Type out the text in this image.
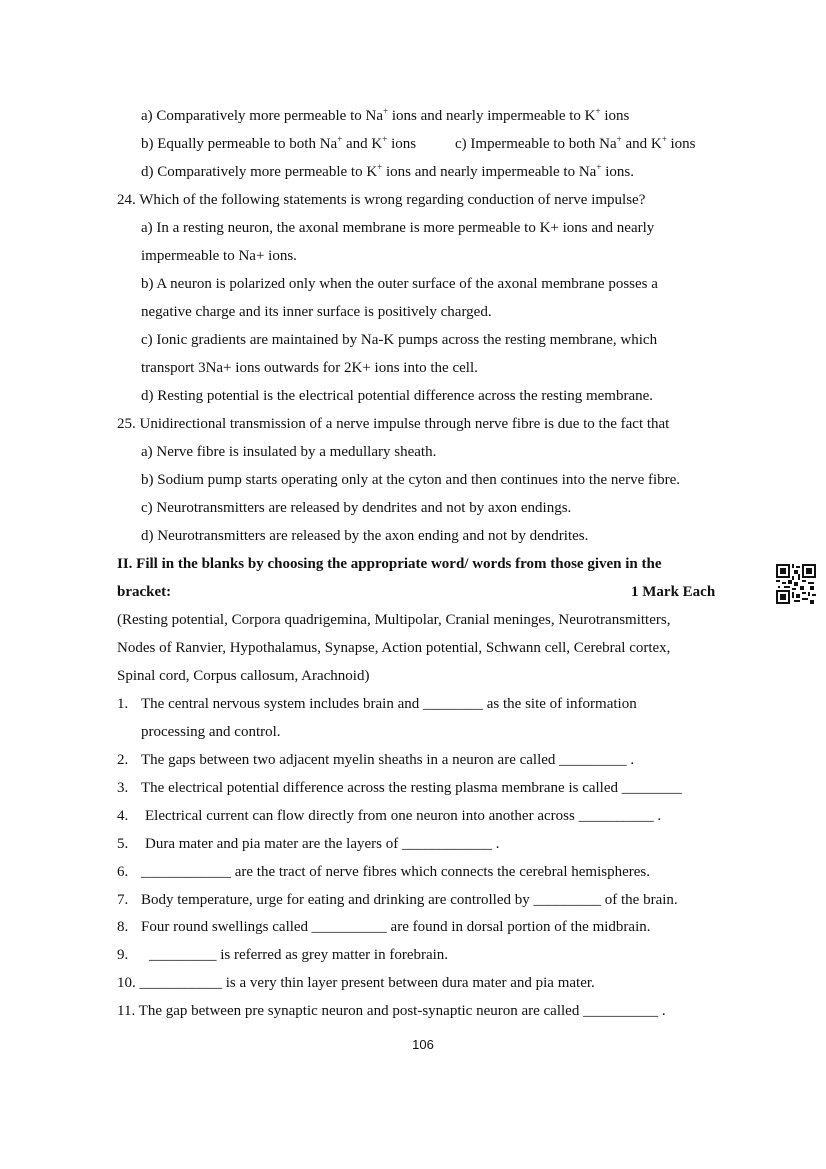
a) Comparatively more permeable to Na+ ions and nearly impermeable to K+ ions
b) Equally permeable to both Na+ and K+ ions	c) Impermeable to both Na+ and K+ ions
d) Comparatively more permeable to K+ ions and nearly impermeable to Na+ ions.
24. Which of the following statements is wrong regarding conduction of nerve impulse?
a) In a resting neuron, the axonal membrane is more permeable to K+ ions and nearly
impermeable to Na+ ions.
b) A neuron is polarized only when the outer surface of the axonal membrane posses a
negative charge and its inner surface is positively charged.
c) Ionic gradients are maintained by Na-K pumps across the resting membrane, which
transport 3Na+ ions outwards for 2K+ ions into the cell.
d) Resting potential is the electrical potential difference across the resting membrane.
25. Unidirectional transmission of a nerve impulse through nerve fibre is due to the fact that
a) Nerve fibre is insulated by a medullary sheath.
b) Sodium pump starts operating only at the cyton and then continues into the nerve fibre.
c) Neurotransmitters are released by dendrites and not by axon endings.
d) Neurotransmitters are released by the axon ending and not by dendrites.
II. Fill in the blanks by choosing the appropriate word/ words from those given in the
bracket:	1 Mark Each
(Resting potential, Corpora quadrigemina, Multipolar, Cranial meninges, Neurotransmitters,
Nodes of Ranvier, Hypothalamus, Synapse, Action potential, Schwann cell, Cerebral cortex,
Spinal cord, Corpus callosum, Arachnoid)
1. The central nervous system includes brain and ________ as the site of information
processing and control.
2. The gaps between two adjacent myelin sheaths in a neuron are called _________ .
3. The electrical potential difference across the resting plasma membrane is called ________
4. Electrical current can flow directly from one neuron into another across __________ .
5. Dura mater and pia mater are the layers of ____________ .
6. ____________ are the tract of nerve fibres which connects the cerebral hemispheres.
7. Body temperature, urge for eating and drinking are controlled by _________ of the brain.
8. Four round swellings called __________ are found in dorsal portion of the midbrain.
9. _________ is referred as grey matter in forebrain.
10. ___________ is a very thin layer present between dura mater and pia mater.
11. The gap between pre synaptic neuron and post-synaptic neuron are called __________ .
106
